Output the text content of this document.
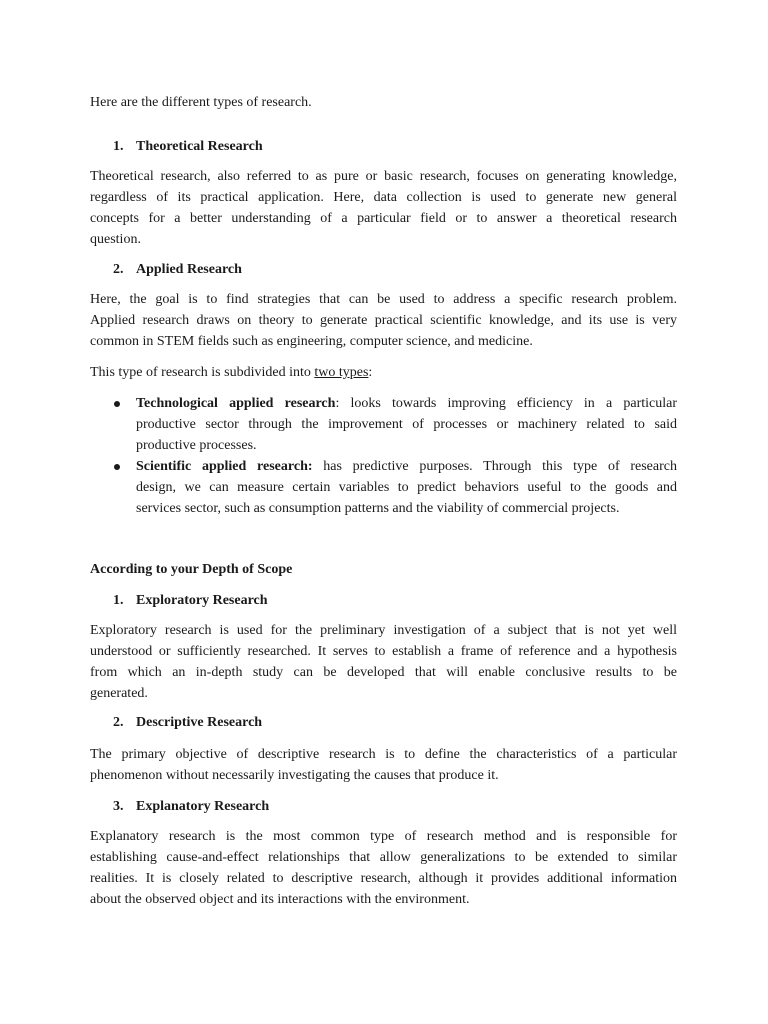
Here are the different types of research.
1. Theoretical Research
Theoretical research, also referred to as pure or basic research, focuses on generating knowledge,
regardless of its practical application. Here, data collection is used to generate new general
concepts for a better understanding of a particular field or to answer a theoretical research
question.
2. Applied Research
Here, the goal is to find strategies that can be used to address a specific research problem.
Applied research draws on theory to generate practical scientific knowledge, and its use is very
common in STEM fields such as engineering, computer science, and medicine.
This type of research is subdivided into two types:
Technological applied research: looks towards improving efficiency in a particular
productive sector through the improvement of processes or machinery related to said
productive processes.
Scientific applied research: has predictive purposes. Through this type of research
design, we can measure certain variables to predict behaviors useful to the goods and
services sector, such as consumption patterns and the viability of commercial projects.
According to your Depth of Scope
1. Exploratory Research
Exploratory research is used for the preliminary investigation of a subject that is not yet well
understood or sufficiently researched. It serves to establish a frame of reference and a hypothesis
from which an in-depth study can be developed that will enable conclusive results to be
generated.
2. Descriptive Research
The primary objective of descriptive research is to define the characteristics of a particular
phenomenon without necessarily investigating the causes that produce it.
3. Explanatory Research
Explanatory research is the most common type of research method and is responsible for
establishing cause-and-effect relationships that allow generalizations to be extended to similar
realities. It is closely related to descriptive research, although it provides additional information
about the observed object and its interactions with the environment.
